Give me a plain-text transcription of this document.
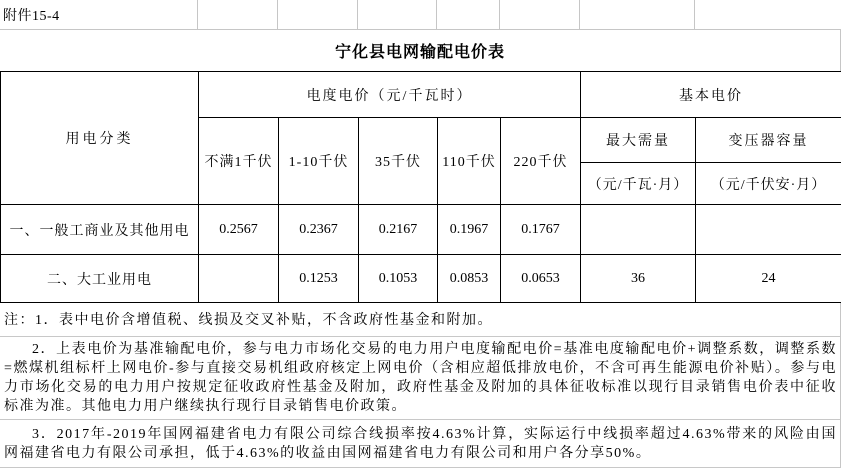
附件15-4
宁化县电网输配电价表
用电分类	电度电价（元/千瓦时）					基本电价	
	不满1千伏	1-10千伏	35千伏	110千伏	220千伏	最大需量	变压器容量
						（元/千瓦·月）	（元/千伏安·月）
一、一般工商业及其他用电	0.2567	0.2367	0.2167	0.1967	0.1767		
二、大工业用电		0.1253	0.1053	0.0853	0.0653	36	24
注：1．表中电价含增值税、线损及交叉补贴，不含政府性基金和附加。
2．上表电价为基准输配电价，参与电力市场化交易的电力用户电度输配电价=基准电度输配电价+调整系数，调整系数=燃煤机组标杆上网电价-参与直接交易机组政府核定上网电价（含相应超低排放电价，不含可再生能源电价补贴）。参与电力市场化交易的电力用户按规定征收政府性基金及附加，政府性基金及附加的具体征收标准以现行目录销售电价表中征收标准为准。其他电力用户继续执行现行目录销售电价政策。
3．2017年-2019年国网福建省电力有限公司综合线损率按4.63%计算，实际运行中线损率超过4.63%带来的风险由国网福建省电力有限公司承担，低于4.63%的收益由国网福建省电力有限公司和用户各分享50%。
